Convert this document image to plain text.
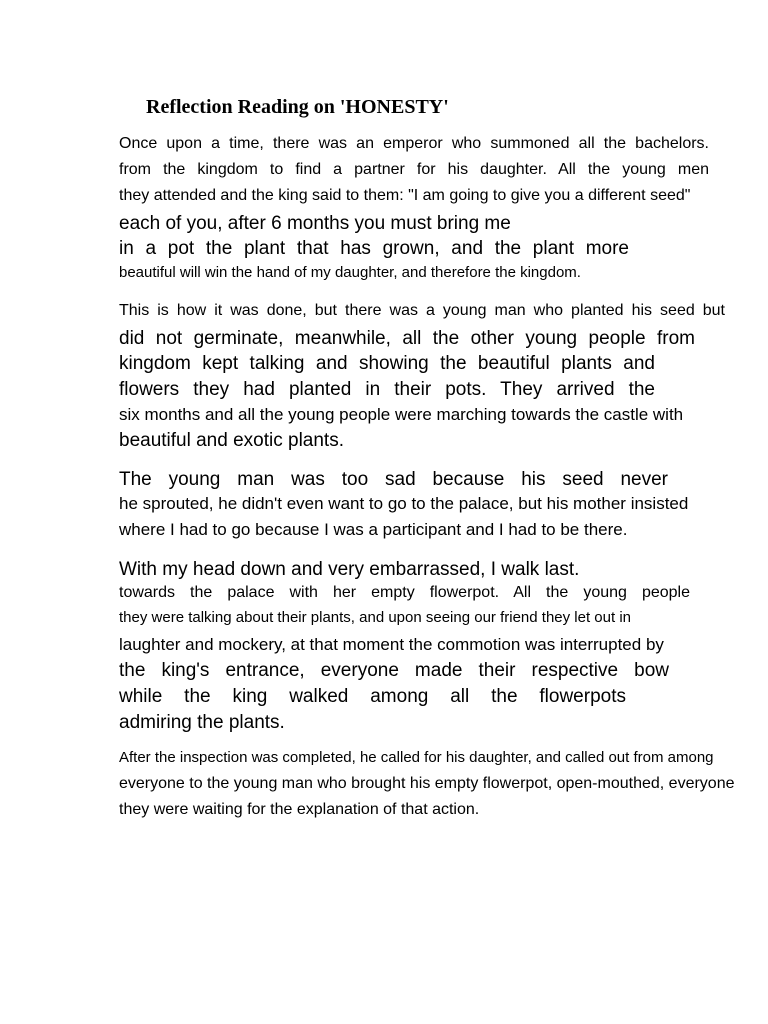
Reflection Reading on 'HONESTY'
Once upon a time, there was an emperor who summoned all the bachelors.
from the kingdom to find a partner for his daughter. All the young men
they attended and the king said to them: "I am going to give you a different seed"
each of you, after 6 months you must bring me
in a pot the plant that has grown, and the plant more
beautiful will win the hand of my daughter, and therefore the kingdom.
This is how it was done, but there was a young man who planted his seed but
did not germinate, meanwhile, all the other young people from
kingdom kept talking and showing the beautiful plants and
flowers they had planted in their pots. They arrived the
six months and all the young people were marching towards the castle with
beautiful and exotic plants.
The young man was too sad because his seed never
he sprouted, he didn't even want to go to the palace, but his mother insisted
where I had to go because I was a participant and I had to be there.
With my head down and very embarrassed, I walk last.
towards the palace with her empty flowerpot. All the young people
they were talking about their plants, and upon seeing our friend they let out in
laughter and mockery, at that moment the commotion was interrupted by
the king's entrance, everyone made their respective bow
while the king walked among all the flowerpots
admiring the plants.
After the inspection was completed, he called for his daughter, and called out from among
everyone to the young man who brought his empty flowerpot, open-mouthed, everyone
they were waiting for the explanation of that action.
